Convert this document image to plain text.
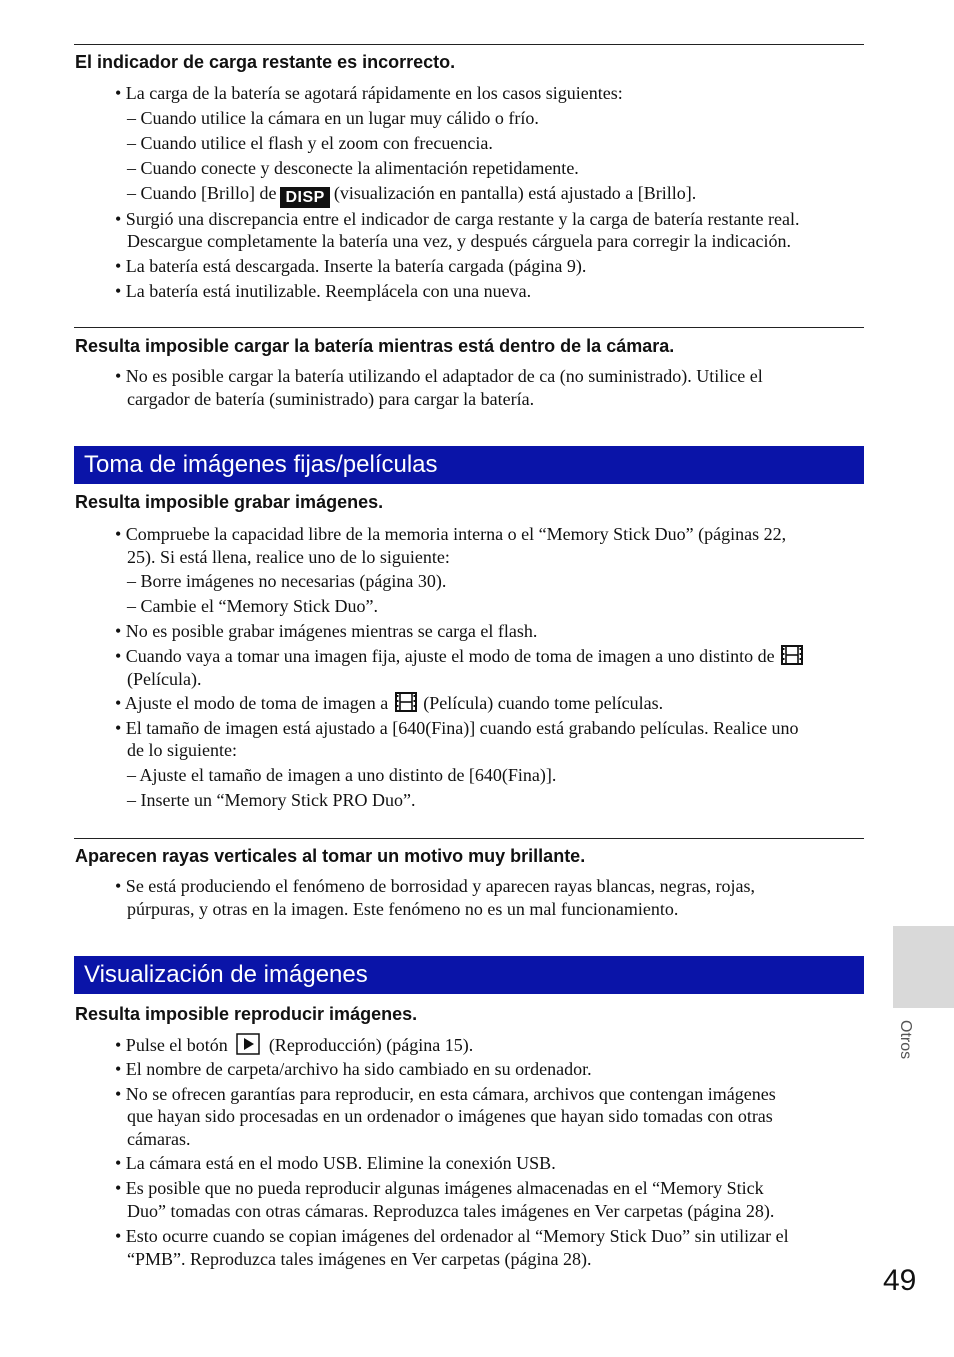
El indicador de carga restante es incorrecto.
• La carga de la batería se agotará rápidamente en los casos siguientes:
– Cuando utilice la cámara en un lugar muy cálido o frío.
– Cuando utilice el flash y el zoom con frecuencia.
– Cuando conecte y desconecte la alimentación repetidamente.
– Cuando [Brillo] de DISP (visualización en pantalla) está ajustado a [Brillo].
• Surgió una discrepancia entre el indicador de carga restante y la carga de batería restante real.
Descargue completamente la batería una vez, y después cárguela para corregir la indicación.
• La batería está descargada. Inserte la batería cargada (página 9).
• La batería está inutilizable. Reemplácela con una nueva.
Resulta imposible cargar la batería mientras está dentro de la cámara.
• No es posible cargar la batería utilizando el adaptador de ca (no suministrado). Utilice el
cargador de batería (suministrado) para cargar la batería.
Toma de imágenes fijas/películas
Resulta imposible grabar imágenes.
• Compruebe la capacidad libre de la memoria interna o el “Memory Stick Duo” (páginas 22,
25). Si está llena, realice uno de lo siguiente:
– Borre imágenes no necesarias (página 30).
– Cambie el “Memory Stick Duo”.
• No es posible grabar imágenes mientras se carga el flash.
• Cuando vaya a tomar una imagen fija, ajuste el modo de toma de imagen a uno distinto de
(Película).
• Ajuste el modo de toma de imagen a (Película) cuando tome películas.
• El tamaño de imagen está ajustado a [640(Fina)] cuando está grabando películas. Realice uno
de lo siguiente:
– Ajuste el tamaño de imagen a uno distinto de [640(Fina)].
– Inserte un “Memory Stick PRO Duo”.
Aparecen rayas verticales al tomar un motivo muy brillante.
• Se está produciendo el fenómeno de borrosidad y aparecen rayas blancas, negras, rojas,
púrpuras, y otras en la imagen. Este fenómeno no es un mal funcionamiento.
Visualización de imágenes
Resulta imposible reproducir imágenes.
• Pulse el botón (Reproducción) (página 15).
• El nombre de carpeta/archivo ha sido cambiado en su ordenador.
• No se ofrecen garantías para reproducir, en esta cámara, archivos que contengan imágenes
que hayan sido procesadas en un ordenador o imágenes que hayan sido tomadas con otras
cámaras.
• La cámara está en el modo USB. Elimine la conexión USB.
• Es posible que no pueda reproducir algunas imágenes almacenadas en el “Memory Stick
Duo” tomadas con otras cámaras. Reproduzca tales imágenes en Ver carpetas (página 28).
• Esto ocurre cuando se copian imágenes del ordenador al “Memory Stick Duo” sin utilizar el
“PMB”. Reproduzca tales imágenes en Ver carpetas (página 28).
Otros
49
